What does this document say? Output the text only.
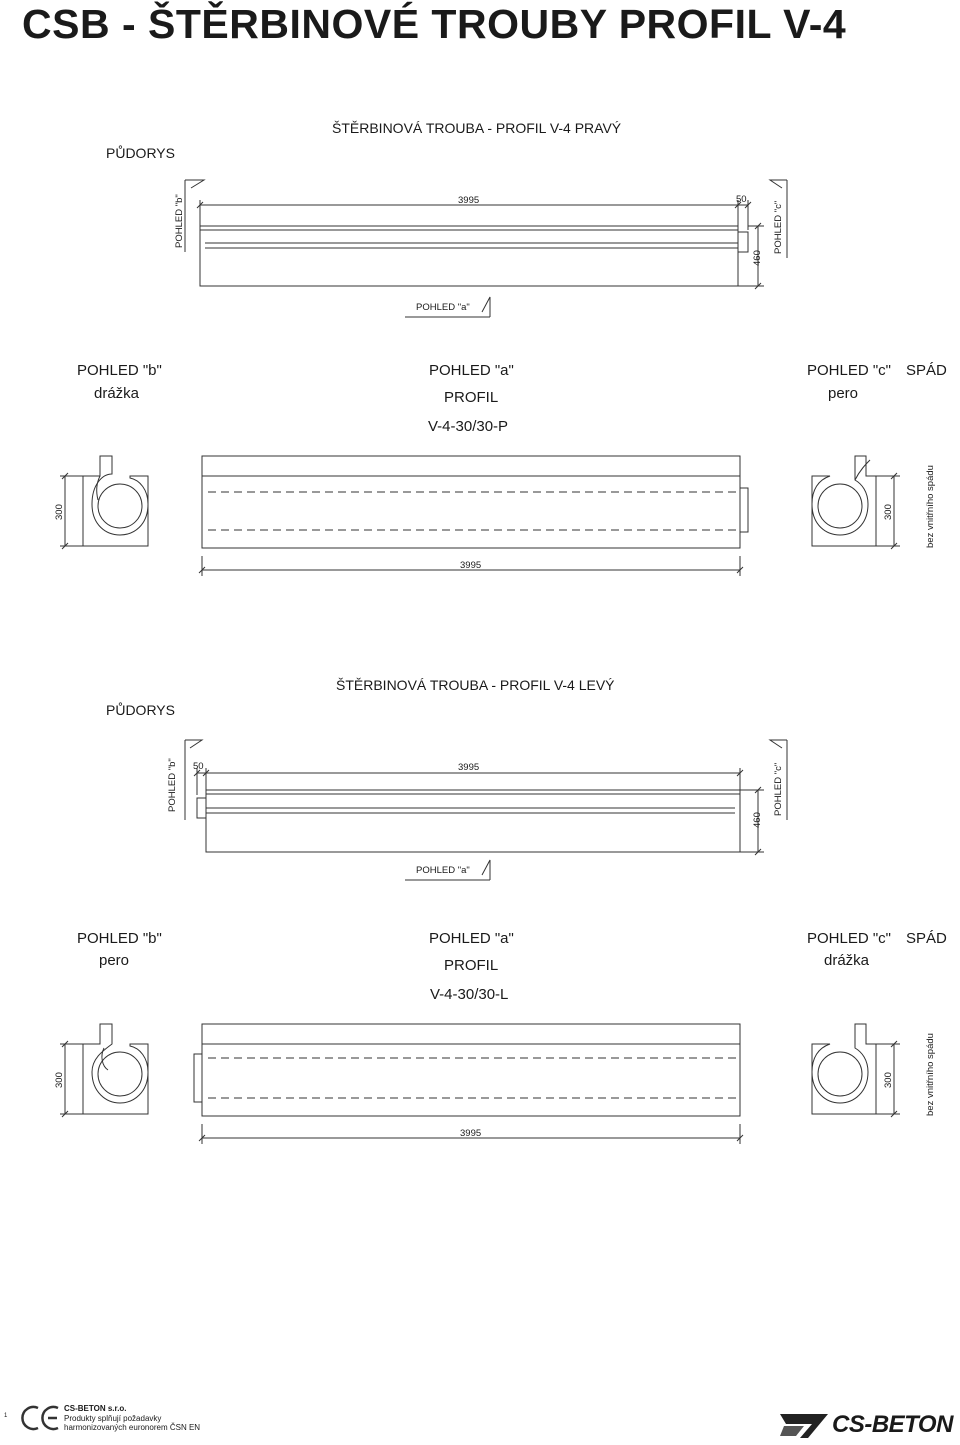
CSB - ŠTĚRBINOVÉ TROUBY PROFIL V-4
ŠTĚRBINOVÁ TROUBA - PROFIL V-4 PRAVÝ
PŮDORYS
POHLED "b"	POHLED "c"
3995	50
460
POHLED "a"
POHLED "b"
drážka
POHLED "a"
PROFIL
V-4-30/30-P
POHLED "c"
pero
SPÁD
bez vnitřního spádu
300	300
3995
ŠTĚRBINOVÁ TROUBA - PROFIL V-4 LEVÝ
PŮDORYS
POHLED "b"	POHLED "c"
3995
50
460
POHLED "a"
POHLED "b"
pero
POHLED "a"
PROFIL
V-4-30/30-L
POHLED "c"
drážka
SPÁD
bez vnitřního spádu
300	300
3995
1
CS-BETON s.r.o.
Produkty splňují požadavky
harmonizovaných euronorem ČSN EN	CS-BETON
